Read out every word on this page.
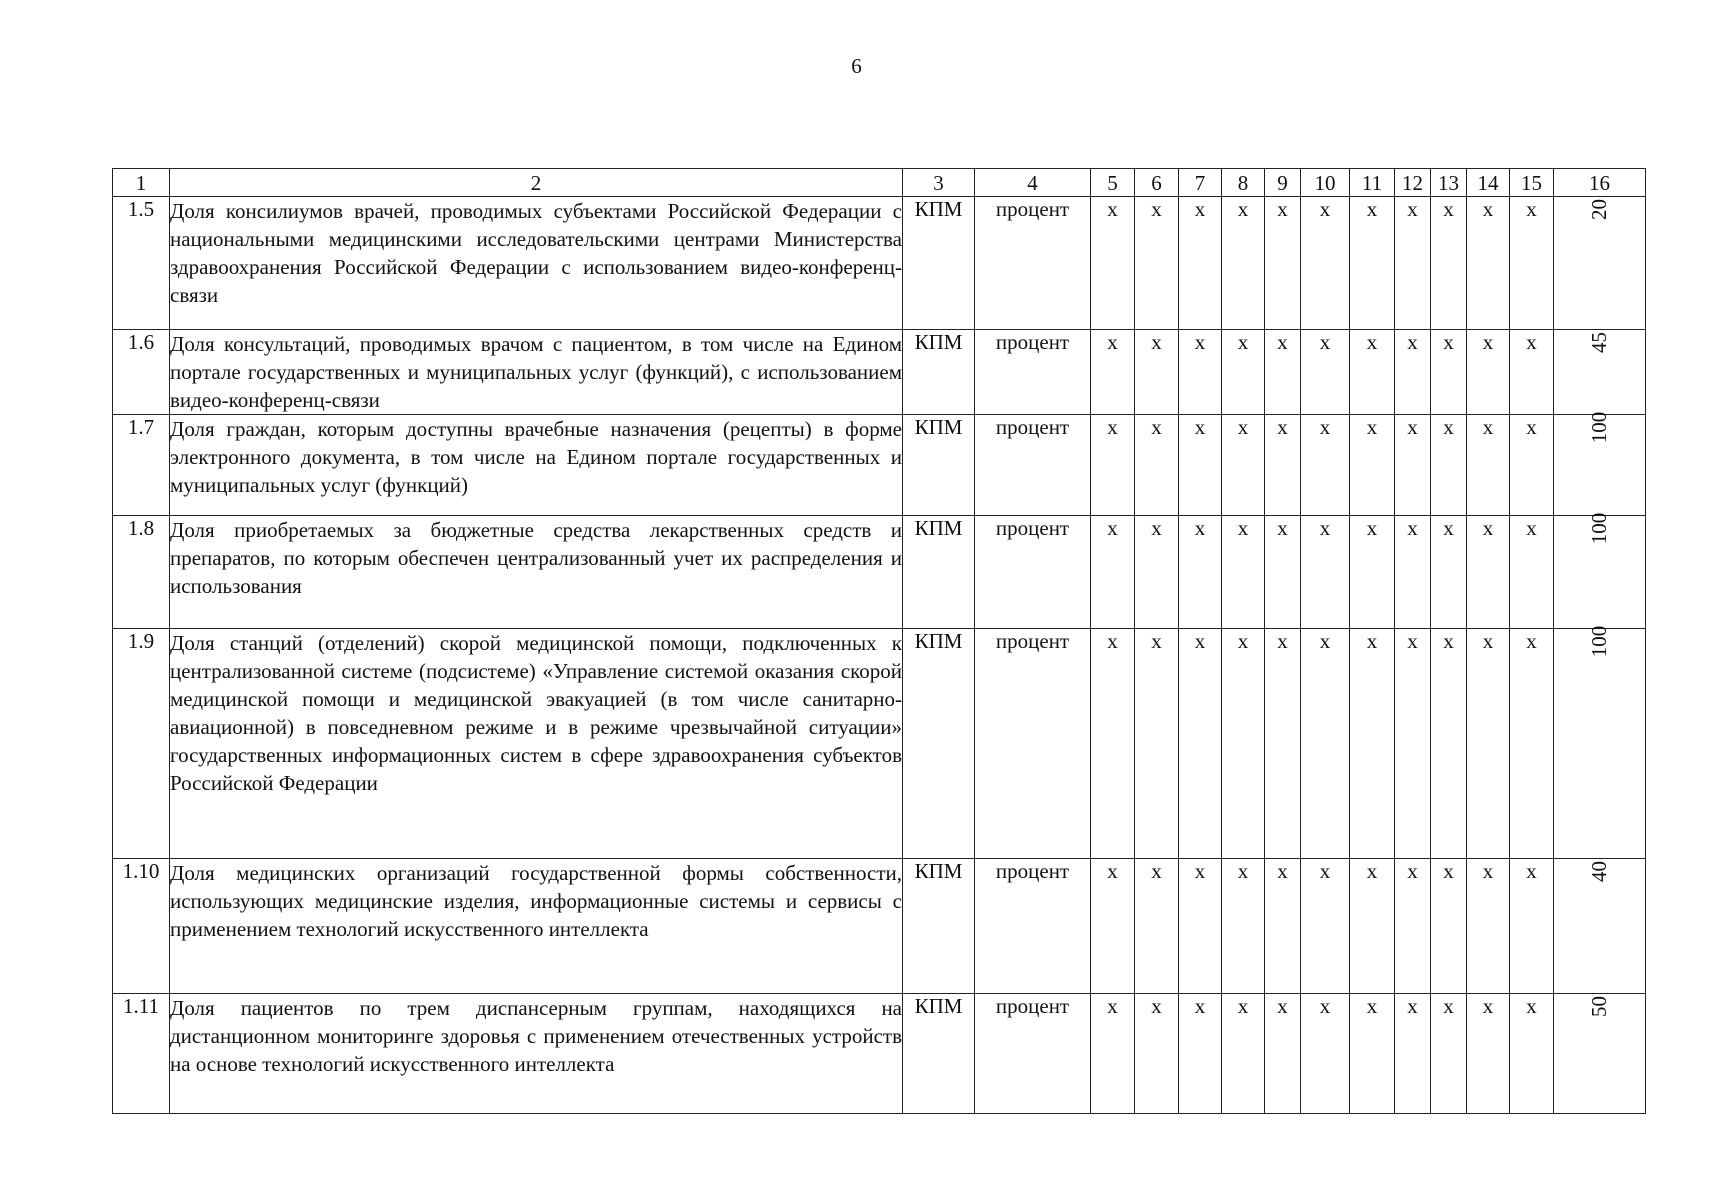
6
1	2	3	4	5	6	7	8	9	10	11	12	13	14	15	16
1.5	Доля консилиумов врачей, проводимых субъектами Российской Федерации с национальными медицинскими исследовательскими центрами Министерства здравоохранения Российской Федерации с использованием видео-конференц-связи	КПМ	процент	х	х	х	х	х	х	х	х	х	х	х	20

1.6	Доля консультаций, проводимых врачом с пациентом, в том числе на Едином портале государственных и муниципальных услуг (функций), с использованием видео-конференц-связи	КПМ	процент	х	х	х	х	х	х	х	х	х	х	х	45

1.7	Доля граждан, которым доступны врачебные назначения (рецепты) в форме электронного документа, в том числе на Едином портале государственных и муниципальных услуг (функций)	КПМ	процент	х	х	х	х	х	х	х	х	х	х	х	100

1.8	Доля приобретаемых за бюджетные средства лекарственных средств и препаратов, по которым обеспечен централизованный учет их распределения и использования	КПМ	процент	х	х	х	х	х	х	х	х	х	х	х	100

1.9	Доля станций (отделений) скорой медицинской помощи, подключенных к централизованной системе (подсистеме) «Управление системой оказания скорой медицинской помощи и медицинской эвакуацией (в том числе санитарно-авиационной) в повседневном режиме и в режиме чрезвычайной ситуации» государственных информационных систем в сфере здравоохранения субъектов Российской Федерации	КПМ	процент	х	х	х	х	х	х	х	х	х	х	х	100

1.10	Доля медицинских организаций государственной формы собственности, использующих медицинские изделия, информационные системы и сервисы с применением технологий искусственного интеллекта	КПМ	процент	х	х	х	х	х	х	х	х	х	х	х	40

1.11	Доля пациентов по трем диспансерным группам, находящихся на дистанционном мониторинге здоровья с применением отечественных устройств на основе технологий искусственного интеллекта	КПМ	процент	х	х	х	х	х	х	х	х	х	х	х	50
